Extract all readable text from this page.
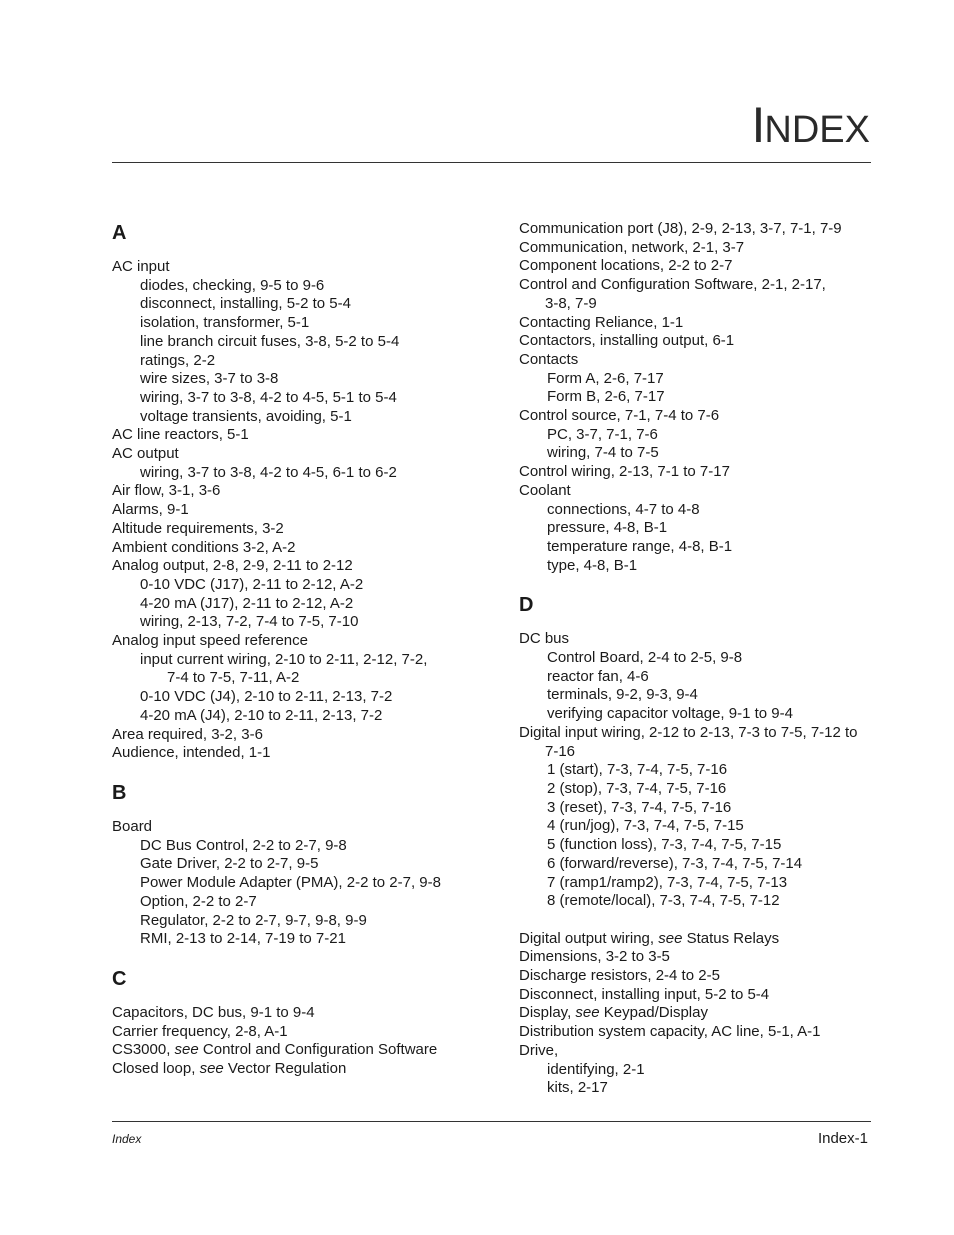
INDEX
A
AC input
diodes, checking, 9-5 to 9-6
disconnect, installing, 5-2 to 5-4
isolation, transformer, 5-1
line branch circuit fuses, 3-8, 5-2 to 5-4
ratings, 2-2
wire sizes, 3-7 to 3-8
wiring, 3-7 to 3-8, 4-2 to 4-5, 5-1 to 5-4
voltage transients, avoiding, 5-1
AC line reactors, 5-1
AC output
wiring, 3-7 to 3-8, 4-2 to 4-5, 6-1 to 6-2
Air flow, 3-1, 3-6
Alarms, 9-1
Altitude requirements, 3-2
Ambient conditions 3-2, A-2
Analog output, 2-8, 2-9, 2-11 to 2-12
0-10 VDC (J17), 2-11 to 2-12, A-2
4-20 mA (J17), 2-11 to 2-12, A-2
wiring, 2-13, 7-2, 7-4 to 7-5, 7-10
Analog input speed reference
input current wiring, 2-10 to 2-11, 2-12, 7-2,
7-4 to 7-5, 7-11, A-2
0-10 VDC (J4), 2-10 to 2-11, 2-13, 7-2
4-20 mA (J4), 2-10 to 2-11, 2-13, 7-2
Area required, 3-2, 3-6
Audience, intended, 1-1
B
Board
DC Bus Control, 2-2 to 2-7, 9-8
Gate Driver, 2-2 to 2-7, 9-5
Power Module Adapter (PMA), 2-2 to 2-7, 9-8
Option, 2-2 to 2-7
Regulator, 2-2 to 2-7, 9-7, 9-8, 9-9
RMI, 2-13 to 2-14, 7-19 to 7-21
C
Capacitors, DC bus, 9-1 to 9-4
Carrier frequency, 2-8, A-1
CS3000, see Control and Configuration Software
Closed loop, see Vector Regulation
Communication port (J8), 2-9, 2-13, 3-7, 7-1, 7-9
Communication, network, 2-1, 3-7
Component locations, 2-2 to 2-7
Control and Configuration Software, 2-1, 2-17,
3-8, 7-9
Contacting Reliance, 1-1
Contactors, installing output, 6-1
Contacts
Form A, 2-6, 7-17
Form B, 2-6, 7-17
Control source, 7-1, 7-4 to 7-6
PC, 3-7, 7-1, 7-6
wiring, 7-4 to 7-5
Control wiring, 2-13, 7-1 to 7-17
Coolant
connections, 4-7 to 4-8
pressure, 4-8, B-1
temperature range, 4-8, B-1
type, 4-8, B-1
D
DC bus
Control Board, 2-4 to 2-5, 9-8
reactor fan, 4-6
terminals, 9-2, 9-3, 9-4
verifying capacitor voltage, 9-1 to 9-4
Digital input wiring, 2-12 to 2-13, 7-3 to 7-5, 7-12 to
7-16
1 (start), 7-3, 7-4, 7-5, 7-16
2 (stop), 7-3, 7-4, 7-5, 7-16
3 (reset), 7-3, 7-4, 7-5, 7-16
4 (run/jog), 7-3, 7-4, 7-5, 7-15
5 (function loss), 7-3, 7-4, 7-5, 7-15
6 (forward/reverse), 7-3, 7-4, 7-5, 7-14
7 (ramp1/ramp2), 7-3, 7-4, 7-5, 7-13
8 (remote/local), 7-3, 7-4, 7-5, 7-12
Digital output wiring, see Status Relays
Dimensions, 3-2 to 3-5
Discharge resistors, 2-4 to 2-5
Disconnect, installing input, 5-2 to 5-4
Display, see Keypad/Display
Distribution system capacity, AC line, 5-1, A-1
Drive,
identifying, 2-1
kits, 2-17
Index	Index-1
